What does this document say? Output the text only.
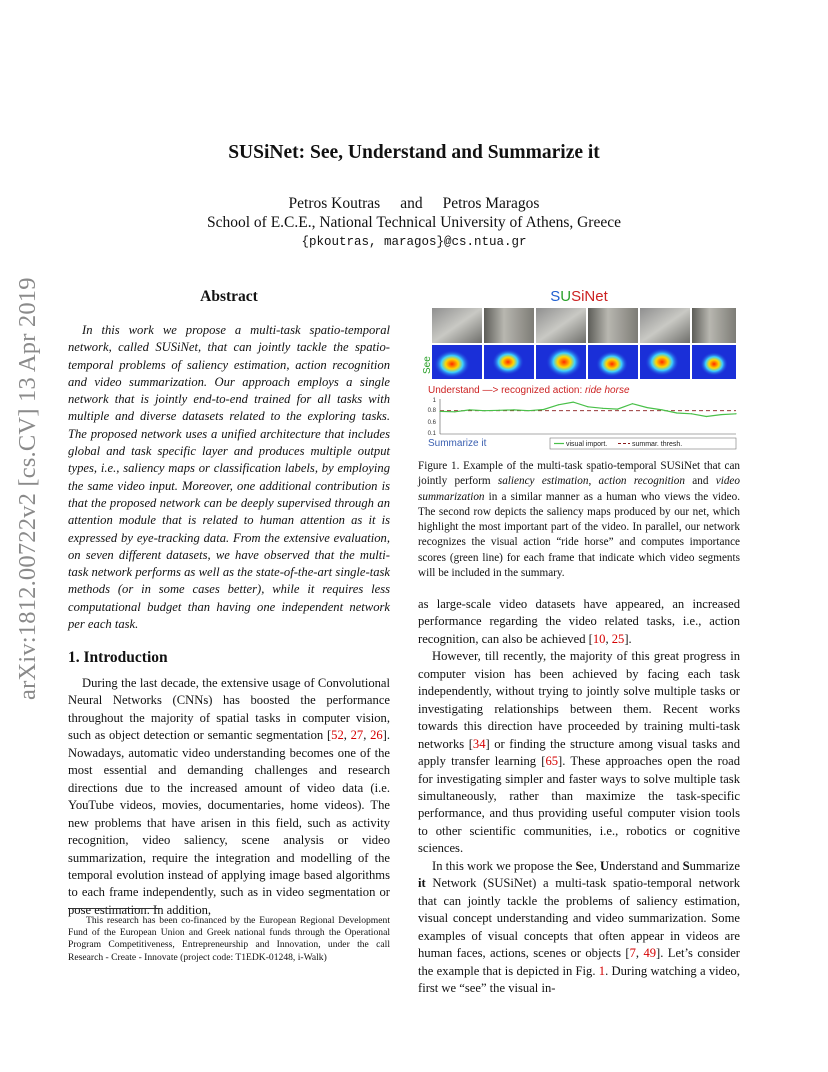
arXiv:1812.00722v2 [cs.CV] 13 Apr 2019
SUSiNet: See, Understand and Summarize it
Petros Koutras and Petros Maragos
School of E.C.E., National Technical University of Athens, Greece
{pkoutras, maragos}@cs.ntua.gr
Abstract
In this work we propose a multi-task spatio-temporal network, called SUSiNet, that can jointly tackle the spatio-temporal problems of saliency estimation, action recognition and video summarization. Our approach employs a single network that is jointly end-to-end trained for all tasks with multiple and diverse datasets related to the exploring tasks. The proposed network uses a unified architecture that includes global and task specific layer and produces multiple output types, i.e., saliency maps or classification labels, by employing the same video input. Moreover, one additional contribution is that the proposed network can be deeply supervised through an attention module that is related to human attention as it is expressed by eye-tracking data. From the extensive evaluation, on seven different datasets, we have observed that the multi-task network performs as well as the state-of-the-art single-task methods (or in some cases better), while it requires less computational budget than having one independent network per each task.
1. Introduction
During the last decade, the extensive usage of Convolutional Neural Networks (CNNs) has boosted the performance throughout the majority of spatial tasks in computer vision, such as object detection or semantic segmentation [52, 27, 26]. Nowadays, automatic video understanding becomes one of the most essential and demanding challenges and research directions due to the increased amount of video data (i.e. YouTube videos, movies, documentaries, home videos). The new problems that have arisen in this field, such as activity recognition, video saliency, scene analysis or video summarization, require the integration and modelling of the temporal evolution instead of applying image based algorithms to each frame independently, such as in video segmentation or pose estimation. In addition,
This research has been co-financed by the European Regional Development Fund of the European Union and Greek national funds through the Operational Program Competitiveness, Entrepreneurship and Innovation, under the call Research - Create - Innovate (project code: T1EDK-01248, i-Walk)
SUSiNet
See
Understand —> recognized action: ride horse
1
0.8
0.6
0.1
Summarize it	visual import.	summar. thresh.
Figure 1. Example of the multi-task spatio-temporal SUSiNet that can jointly perform saliency estimation, action recognition and video summarization in a similar manner as a human who views the video. The second row depicts the saliency maps produced by our net, which highlight the most important part of the video. In parallel, our network recognizes the visual action “ride horse” and computes importance scores (green line) for each frame that indicate which video segments will be included in the summary.

as large-scale video datasets have appeared, an increased performance regarding the video related tasks, i.e., action recognition, can also be achieved [10, 25].

However, till recently, the majority of this great progress in computer vision has been achieved by facing each task independently, without trying to jointly solve multiple tasks or investigating relationships between them. Recent works towards this direction have proceeded by training multi-task networks [34] or finding the structure among visual tasks and apply transfer learning [65]. These approaches open the road for investigating simpler and faster ways to solve multiple task simultaneously, rather than maximize the task-specific performance, and thus providing useful computer vision tools to other scientific communities, i.e., robotics or cognitive sciences.

In this work we propose the See, Understand and Summarize it Network (SUSiNet) a multi-task spatio-temporal network that can jointly tackle the problems of saliency estimation, visual concept understanding and video summarization. Some examples of visual concepts that often appear in videos are human faces, actions, scenes or objects [7, 49]. Let’s consider the example that is depicted in Fig. 1. During watching a video, first we “see” the visual in-
